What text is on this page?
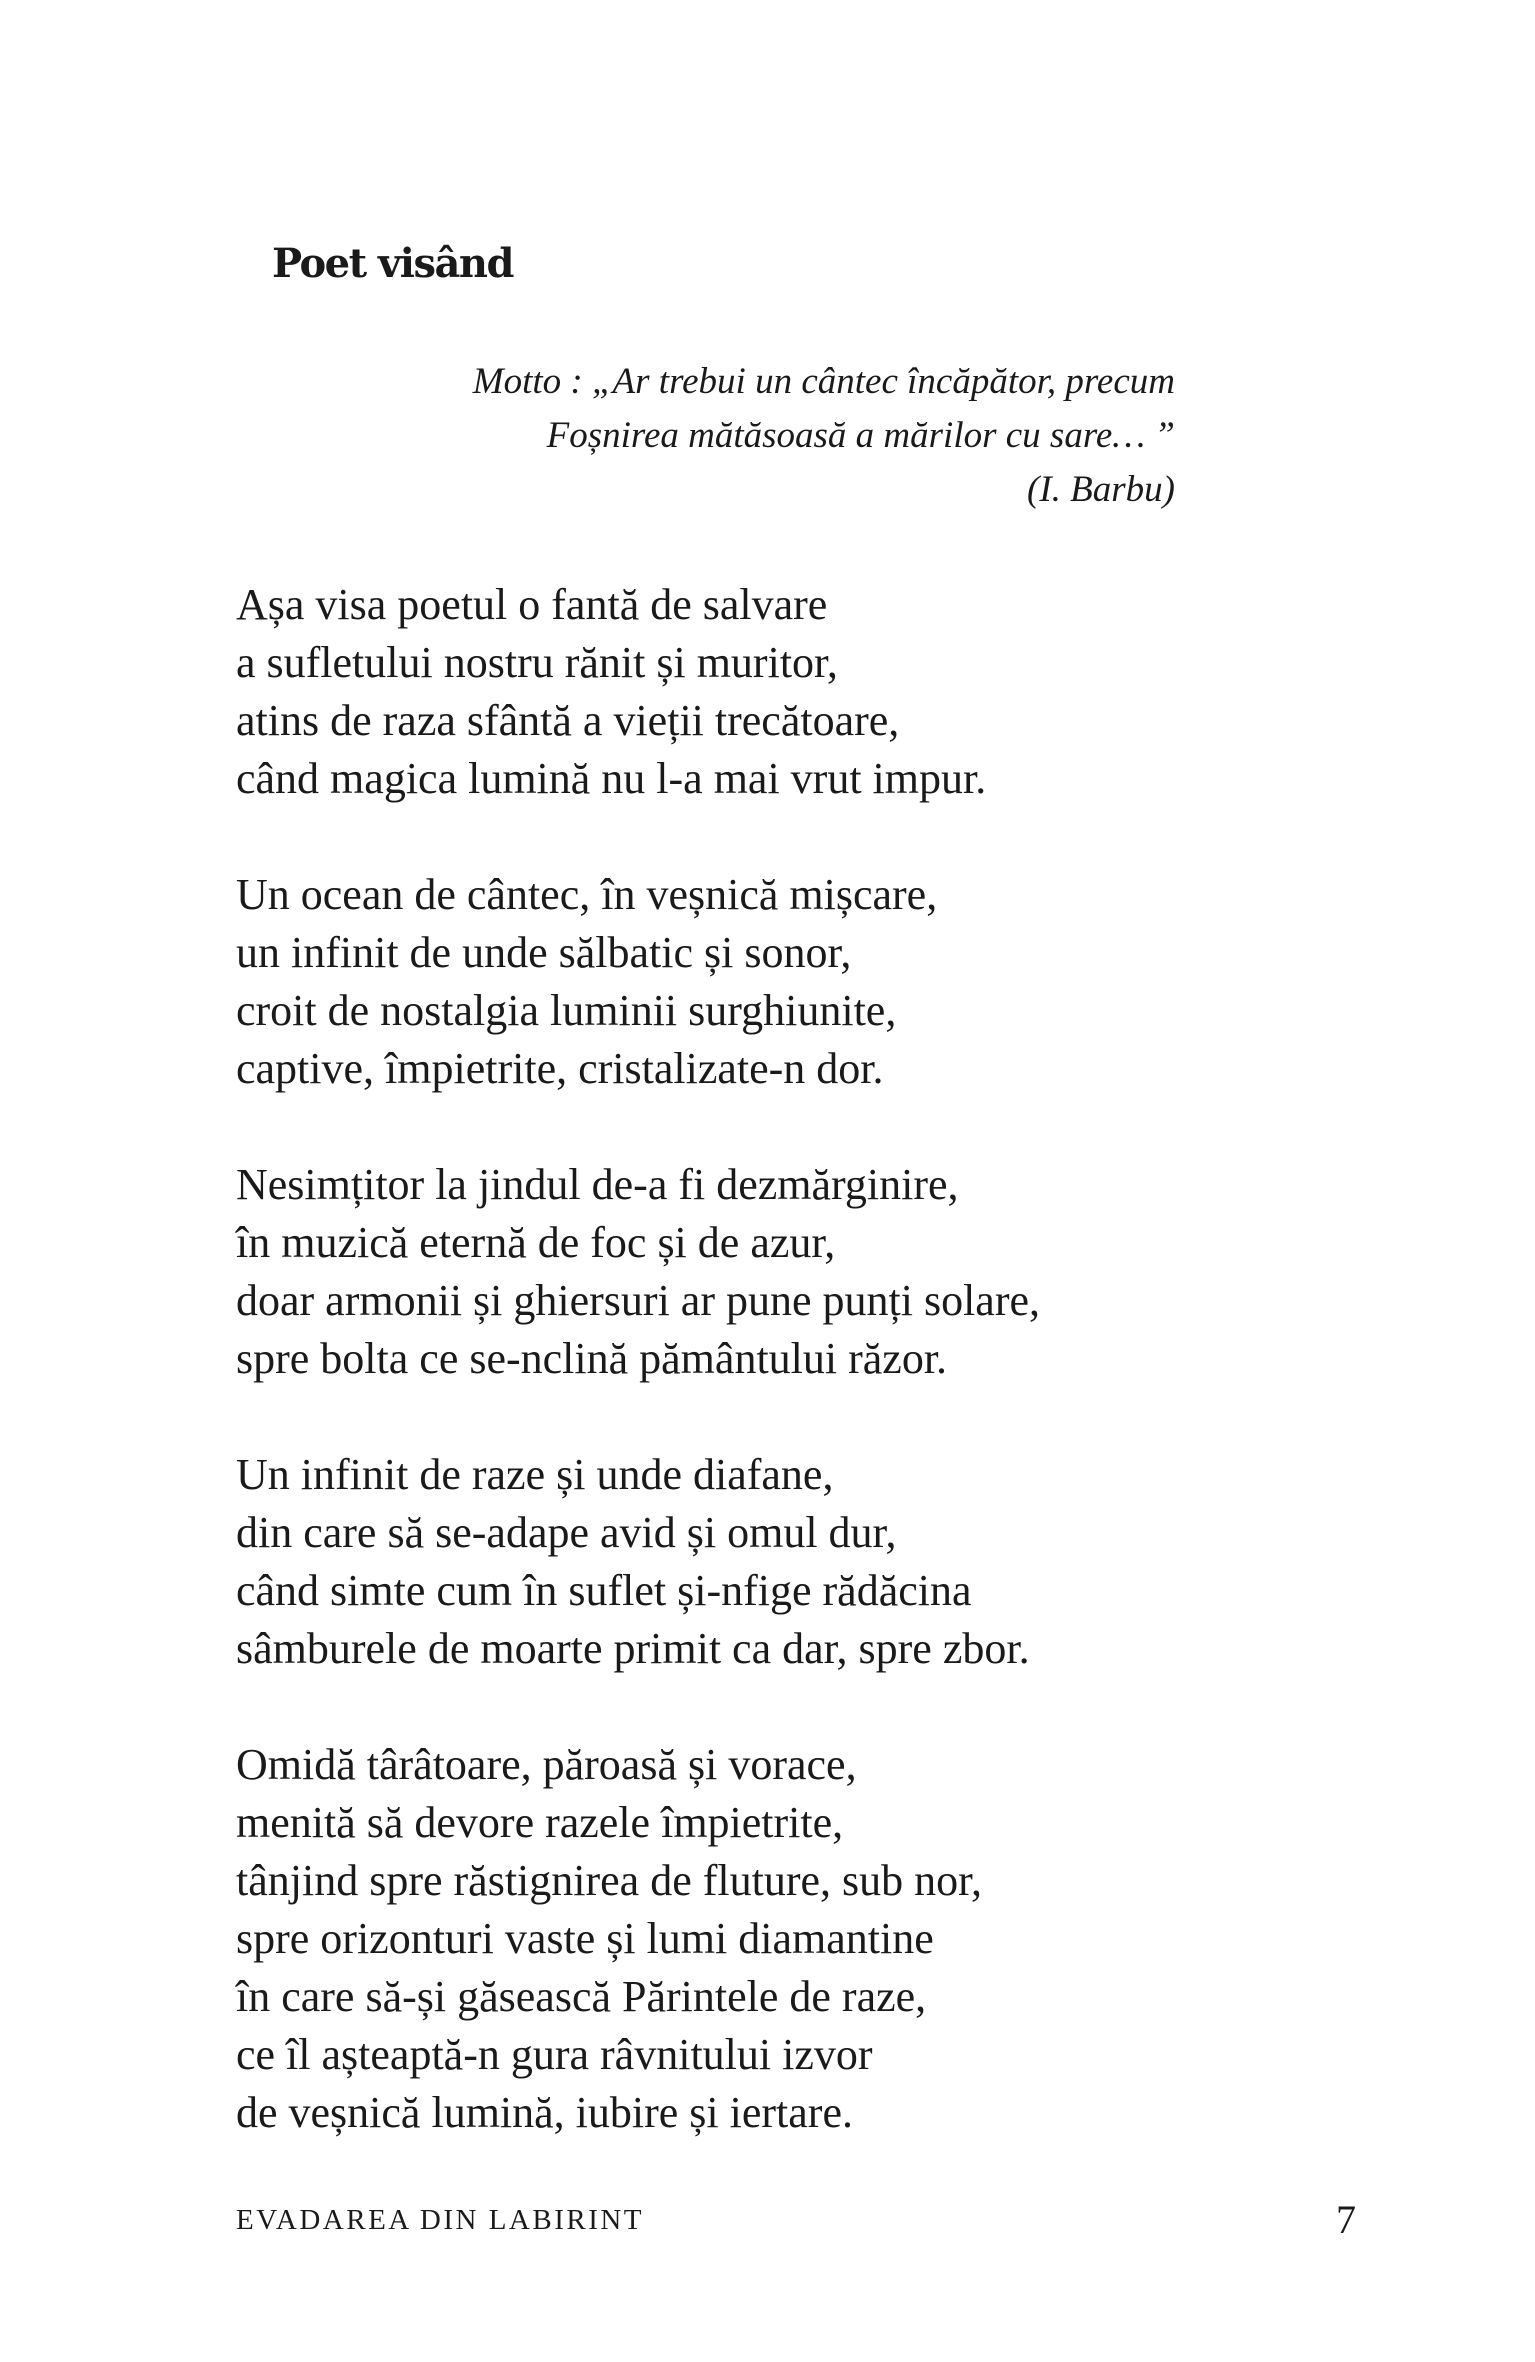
Poet visând
Motto : „Ar trebui un cântec încăpător, precum
Foșnirea mătăsoasă a mărilor cu sare… ”
(I. Barbu)
Așa visa poetul o fantă de salvare
a sufletului nostru rănit și muritor,
atins de raza sfântă a vieții trecătoare,
când magica lumină nu l-a mai vrut impur.
Un ocean de cântec, în veșnică mișcare,
un infinit de unde sălbatic și sonor,
croit de nostalgia luminii surghiunite,
captive, împietrite, cristalizate-n dor.
Nesimțitor la jindul de-a fi dezmărginire,
în muzică eternă de foc și de azur,
doar armonii și ghiersuri ar pune punți solare,
spre bolta ce se-nclină pământului răzor.
Un infinit de raze și unde diafane,
din care să se-adape avid și omul dur,
când simte cum în suflet și-nfige rădăcina
sâmburele de moarte primit ca dar, spre zbor.
Omidă târâtoare, păroasă și vorace,
menită să devore razele împietrite,
tânjind spre răstignirea de fluture, sub nor,
spre orizonturi vaste și lumi diamantine
în care să-și găsească Părintele de raze,
ce îl așteaptă-n gura râvnitului izvor
de veșnică lumină, iubire și iertare.
EVADAREA DIN LABIRINT	7
